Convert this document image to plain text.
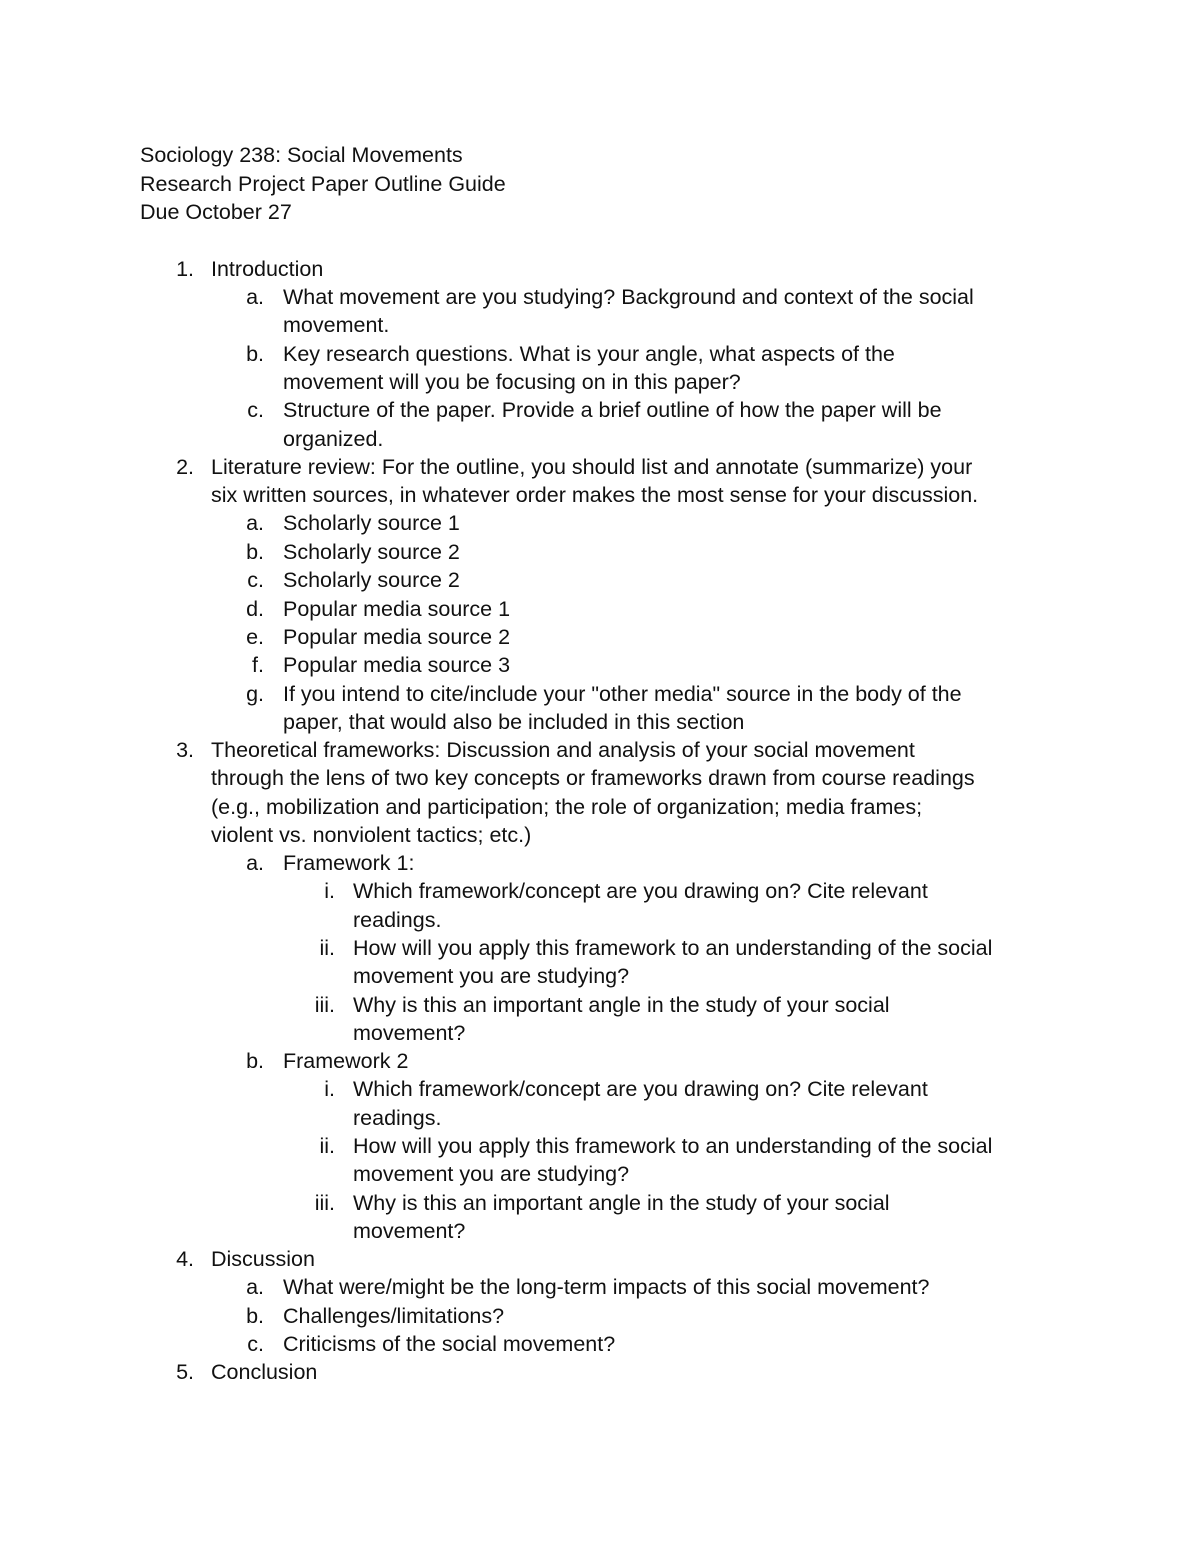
Sociology 238: Social Movements
Research Project Paper Outline Guide
Due October 27
1. Introduction
a. What movement are you studying? Background and context of the social
movement.
b. Key research questions. What is your angle, what aspects of the
movement will you be focusing on in this paper?
c. Structure of the paper. Provide a brief outline of how the paper will be
organized.
2. Literature review: For the outline, you should list and annotate (summarize) your
six written sources, in whatever order makes the most sense for your discussion.
a. Scholarly source 1
b. Scholarly source 2
c. Scholarly source 2
d. Popular media source 1
e. Popular media source 2
f. Popular media source 3
g. If you intend to cite/include your "other media" source in the body of the
paper, that would also be included in this section
3. Theoretical frameworks: Discussion and analysis of your social movement
through the lens of two key concepts or frameworks drawn from course readings
(e.g., mobilization and participation; the role of organization; media frames;
violent vs. nonviolent tactics; etc.)
a. Framework 1:
i. Which framework/concept are you drawing on? Cite relevant
readings.
ii. How will you apply this framework to an understanding of the social
movement you are studying?
iii. Why is this an important angle in the study of your social
movement?
b. Framework 2
i. Which framework/concept are you drawing on? Cite relevant
readings.
ii. How will you apply this framework to an understanding of the social
movement you are studying?
iii. Why is this an important angle in the study of your social
movement?
4. Discussion
a. What were/might be the long-term impacts of this social movement?
b. Challenges/limitations?
c. Criticisms of the social movement?
5. Conclusion
